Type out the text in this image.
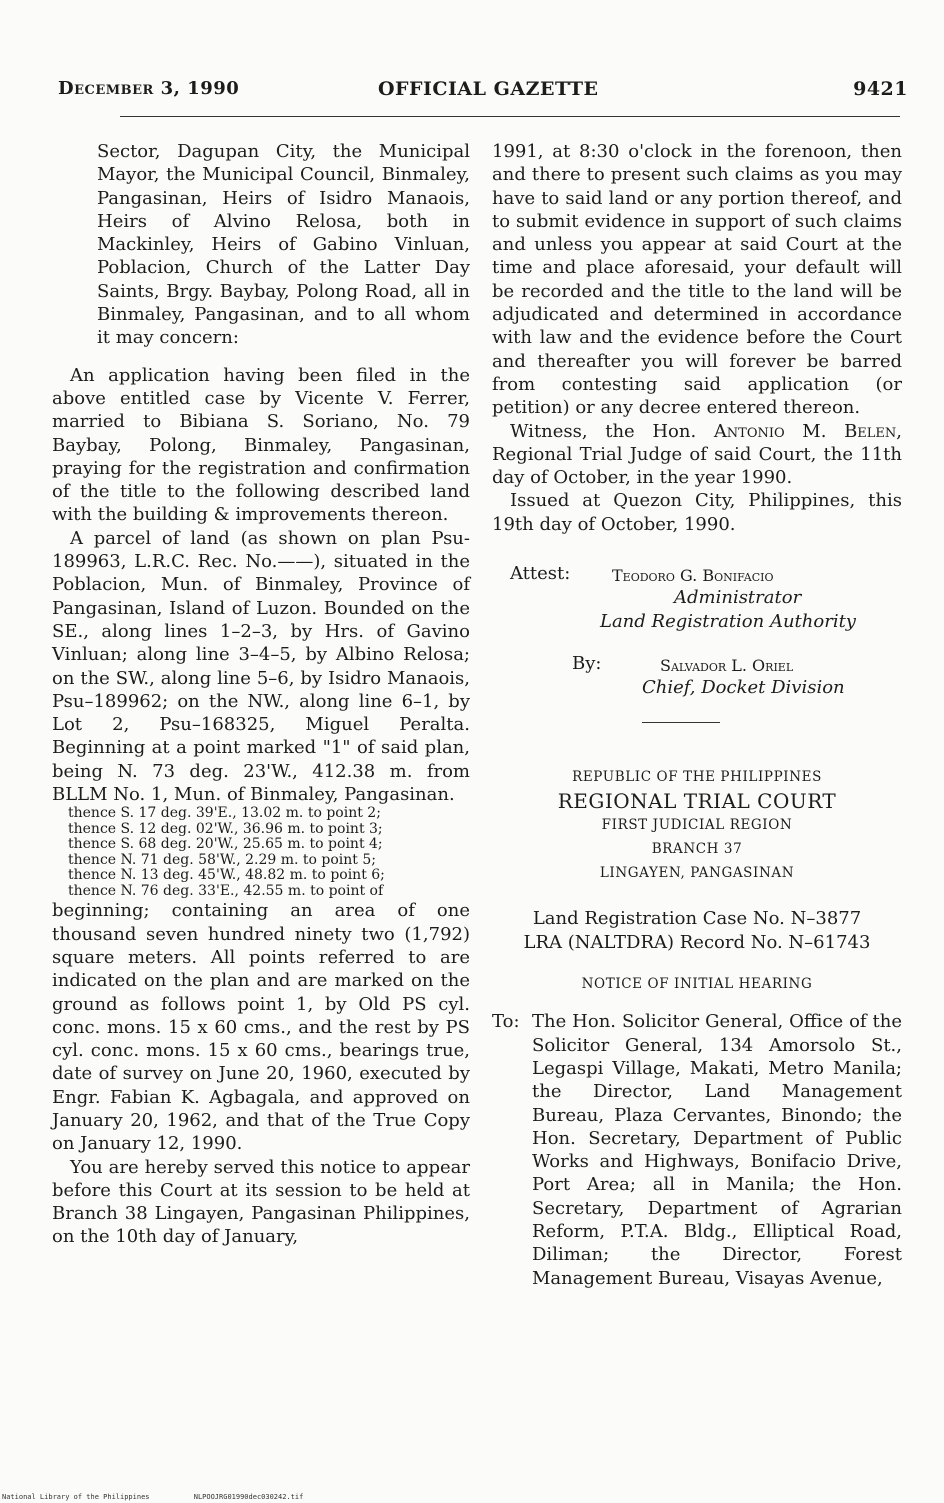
December 3, 1990	OFFICIAL GAZETTE	9421

Sector, Dagupan City, the Municipal Mayor, the Municipal Council, Binmaley, Pangasinan, Heirs of Isidro Manaois, Heirs of Alvino Relosa, both in Mackinley, Heirs of Gabino Vinluan, Poblacion, Church of the Latter Day Saints, Brgy. Baybay, Polong Road, all in Binmaley, Pangasinan, and to all whom it may concern:

An application having been filed in the above entitled case by Vicente V. Ferrer, married to Bibiana S. Soriano, No. 79 Baybay, Polong, Binmaley, Pangasinan, praying for the registration and confirmation of the title to the following described land with the building & improvements thereon.

A parcel of land (as shown on plan Psu-189963, L.R.C. Rec. No.——), situated in the Poblacion, Mun. of Binmaley, Province of Pangasinan, Island of Luzon. Bounded on the SE., along lines 1–2–3, by Hrs. of Gavino Vinluan; along line 3–4–5, by Albino Relosa; on the SW., along line 5–6, by Isidro Manaois, Psu–189962; on the NW., along line 6–1, by Lot 2, Psu–168325, Miguel Peralta. Beginning at a point marked "1" of said plan, being N. 73 deg. 23'W., 412.38 m. from BLLM No. 1, Mun. of Binmaley, Pangasinan.

thence S. 17 deg. 39'E., 13.02 m. to point 2;
thence S. 12 deg. 02'W., 36.96 m. to point 3;
thence S. 68 deg. 20'W., 25.65 m. to point 4;
thence N. 71 deg. 58'W., 2.29 m. to point 5;
thence N. 13 deg. 45'W., 48.82 m. to point 6;
thence N. 76 deg. 33'E., 42.55 m. to point of

beginning; containing an area of one thousand seven hundred ninety two (1,792) square meters. All points referred to are indicated on the plan and are marked on the ground as follows point 1, by Old PS cyl. conc. mons. 15 x 60 cms., and the rest by PS cyl. conc. mons. 15 x 60 cms., bearings true, date of survey on June 20, 1960, executed by Engr. Fabian K. Agbagala, and approved on January 20, 1962, and that of the True Copy on January 12, 1990.

You are hereby served this notice to appear before this Court at its session to be held at Branch 38 Lingayen, Pangasinan Philippines, on the 10th day of January,

1991, at 8:30 o'clock in the forenoon, then and there to present such claims as you may have to said land or any portion thereof, and to submit evidence in support of such claims and unless you appear at said Court at the time and place aforesaid, your default will be recorded and the title to the land will be adjudicated and determined in accordance with law and the evidence before the Court and thereafter you will forever be barred from contesting said application (or petition) or any decree entered thereon.

Witness, the Hon. Antonio M. Belen, Regional Trial Judge of said Court, the 11th day of October, in the year 1990.

Issued at Quezon City, Philippines, this 19th day of October, 1990.

Attest:	Teodoro G. Bonifacio
Administrator
Land Registration Authority
By:	Salvador L. Oriel
Chief, Docket Division
REPUBLIC OF THE PHILIPPINES
REGIONAL TRIAL COURT
FIRST JUDICIAL REGION
BRANCH 37
LINGAYEN, PANGASINAN
Land Registration Case No. N–3877
LRA (NALTDRA) Record No. N–61743
NOTICE OF INITIAL HEARING
To: The Hon. Solicitor General, Office of the Solicitor General, 134 Amorsolo St., Legaspi Village, Makati, Metro Manila; the Director, Land Management Bureau, Plaza Cervantes, Binondo; the Hon. Secretary, Department of Public Works and Highways, Bonifacio Drive, Port Area; all in Manila; the Hon. Secretary, Department of Agrarian Reform, P.T.A. Bldg., Elliptical Road, Diliman; the Director, Forest Management Bureau, Visayas Avenue,

National Library of the Philippines	NLPOOJRG01990dec030242.tif
